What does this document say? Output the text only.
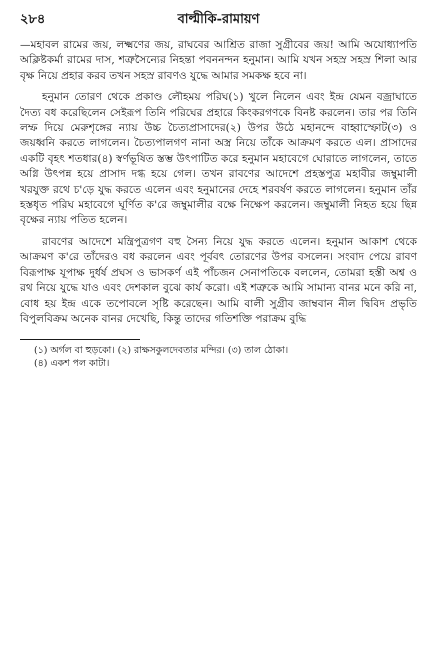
২৮৪	বাল্মীকি-রামায়ণ

—মহাবল রামের জয়, লক্ষ্মণের জয়, রাঘবের আশ্রিত রাজা সুগ্রীবের জয়! আমি অযোধ্যাপতি অক্লিষ্টকর্মা রামের দাস, শত্রুসৈন্যের নিহন্তা পবননন্দন হনুমান। আমি যখন সহস্র সহস্র শিলা আর বৃক্ষ নিয়ে প্রহার করব তখন সহস্র রাবণও যুদ্ধে আমার সমকক্ষ হবে না।

হনুমান তোরণ থেকে প্রকাণ্ড লৌহময় পরিঘ(১) খুলে নিলেন এবং ইন্দ্র যেমন বজ্রাঘাতে দৈত্য বধ করেছিলেন সেইরূপ তিনি পরিঘের প্রহারে কিংকরগণকে বিনষ্ট করলেন। তার পর তিনি লম্ফ দিয়ে মেরুশৃঙ্গের ন্যায় উচ্চ চৈত্যপ্রাসাদের(২) উপর উঠে মহানন্দে বাহ্বাস্ফোট(৩) ও জয়ধ্বনি করতে লাগলেন। চৈত্যপালগণ নানা অস্ত্র নিয়ে তাঁকে আক্রমণ করতে এল। প্রাসাদের একটি বৃহৎ শতধার(৪) স্বর্ণভূষিত স্তম্ভ উৎপাটিত করে হনুমান মহাবেগে ঘোরাতে লাগলেন, তাতে অগ্নি উৎপন্ন হয়ে প্রাসাদ দগ্ধ হয়ে গেল। তখন রাবণের আদেশে প্রহস্তপুত্র মহাবীর জম্বুমালী খরযুক্ত রথে চ'ড়ে যুদ্ধ করতে এলেন এবং হনুমানের দেহে শরবর্ষণ করতে লাগলেন। হনুমান তাঁর হস্তধৃত পরিঘ মহাবেগে ঘূর্ণিত ক'রে জম্বুমালীর বক্ষে নিক্ষেপ করলেন। জম্বুমালী নিহত হয়ে ছিন্ন বৃক্ষের ন্যায় পতিত হলেন।

রাবণের আদেশে মন্ত্রিপুত্রগণ বহু সৈন্য নিয়ে যুদ্ধ করতে এলেন। হনুমান আকাশ থেকে আক্রমণ ক'রে তাঁদেরও বধ করলেন এবং পূর্ববৎ তোরণের উপর বসলেন। সংবাদ পেয়ে রাবণ বিরূপাক্ষ যূপাক্ষ দুর্ধর্ষ প্রঘস ও ভাসকর্ণ এই পাঁচজন সেনাপতিকে বললেন, তোমরা হস্তী অশ্ব ও রথ নিয়ে যুদ্ধে যাও এবং দেশকাল বুঝে কার্য করো। এই শত্রুকে আমি সামান্য বানর মনে করি না, বোধ হয় ইন্দ্র একে তপোবলে সৃষ্টি করেছেন। আমি বালী সুগ্রীব জাম্ববান নীল দ্বিবিদ প্রভৃতি বিপুলবিক্রম অনেক বানর দেখেছি, কিন্তু তাদের গতিশক্তি পরাক্রম বুদ্ধি

(১) অর্গল বা হুড়কো। (২) রাক্ষসকুলদেবতার মন্দির। (৩) তাল ঠোকা।

(৪) একশ পল কাটা।
